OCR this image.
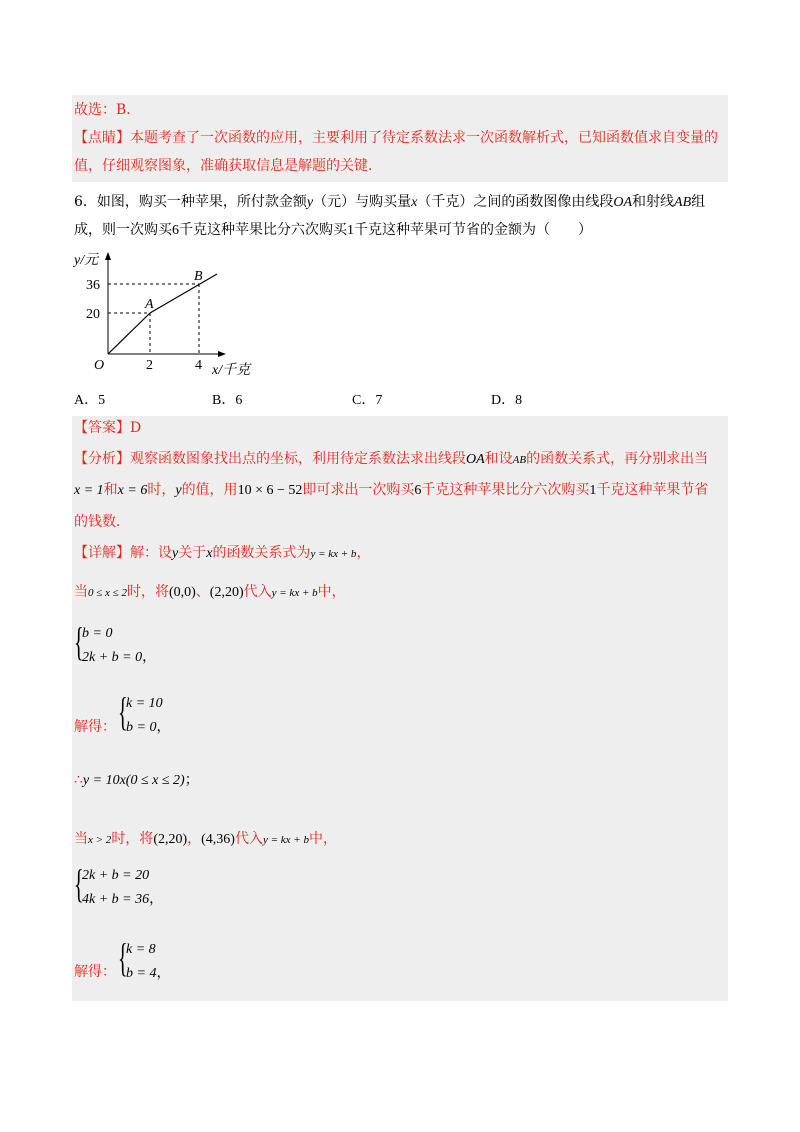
故选：B．
【点睛】本题考查了一次函数的应用，主要利用了待定系数法求一次函数解析式，已知函数值求自变量的
值，仔细观察图象，准确获取信息是解题的关键．
6．如图，购买一种苹果，所付款金额y（元）与购买量x（千克）之间的函数图像由线段OA和射线AB组
成，则一次购买6千克这种苹果比分六次购买1千克这种苹果可节省的金额为（　　）
y/元
36
20
O	2	4 x/千克
A
B
A．5	B．6	C．7	D．8
【答案】D
【分析】观察函数图象找出点的坐标，利用待定系数法求出线段OA和设AB的函数关系式，再分别求出当
x = 1和x = 6时，y的值，用10 × 6 − 52即可求出一次购买6千克这种苹果比分六次购买1千克这种苹果节省
的钱数．
【详解】解：设y关于x的函数关系式为y = kx + b，
当0 ≤ x ≤ 2时，将(0,0)、(2,20)代入y = kx + b中，
{
b = 0
2k + b = 0，
解得： {
k = 10
b = 0，
∴y = 10x(0 ≤ x ≤ 2)；
当x > 2时，将(2,20)，(4,36)代入y = kx + b中，
{
2k + b = 20
4k + b = 36，
解得： {
k = 8
b = 4，
